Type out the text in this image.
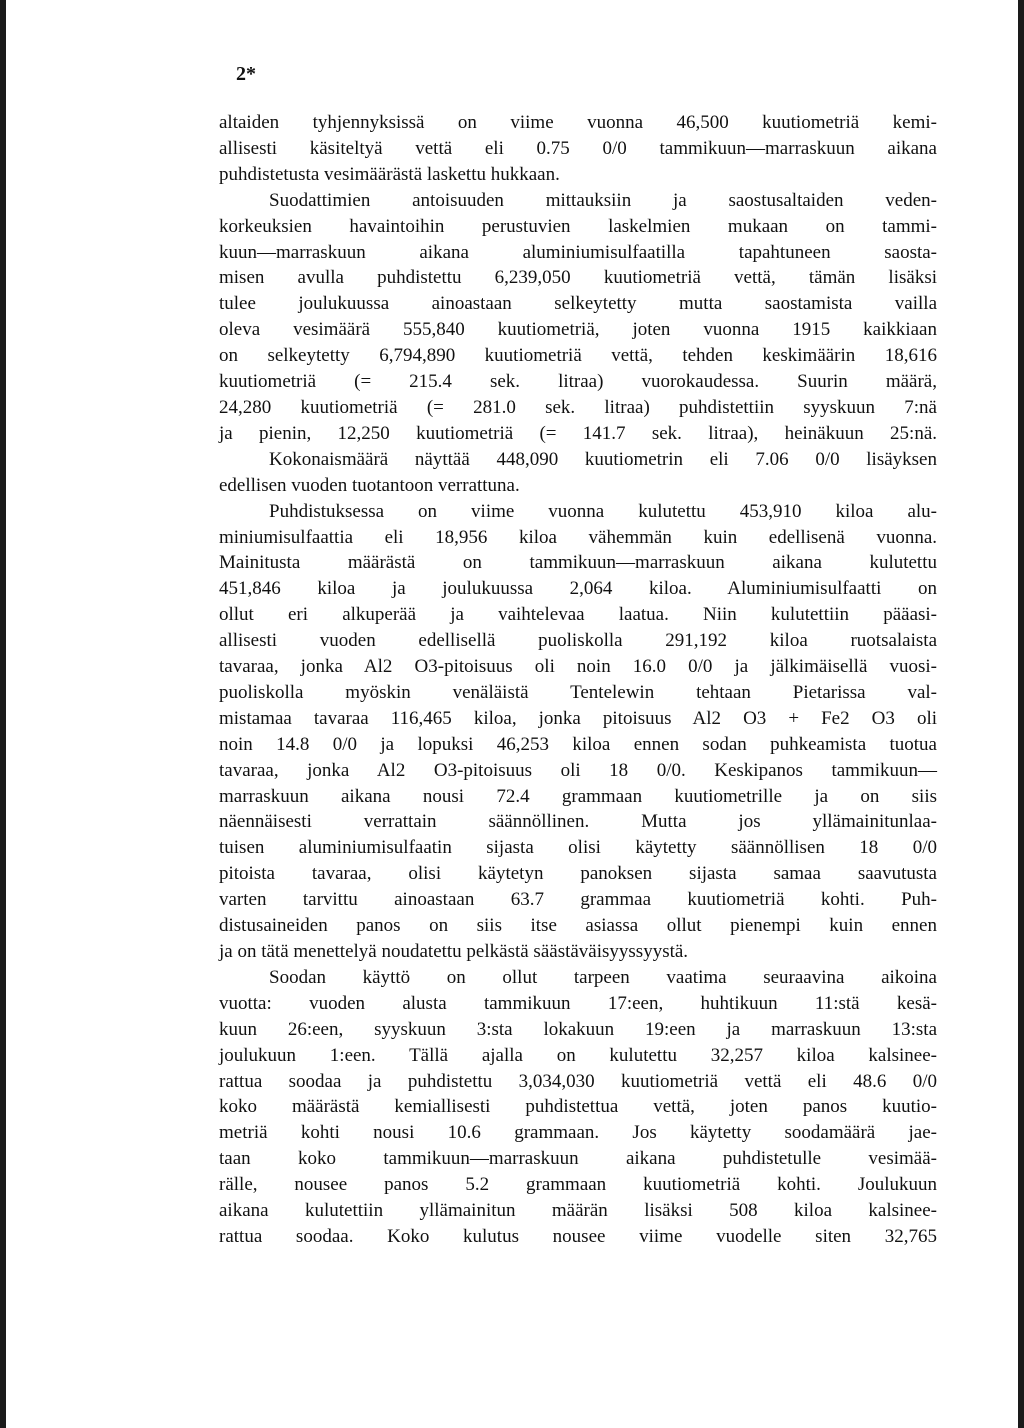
2*
altaiden tyhjennyksissä on viime vuonna 46,500 kuutiometriä kemi-
allisesti käsiteltyä vettä eli 0.75 0/0 tammikuun—marraskuun aikana
puhdistetusta vesimäärästä laskettu hukkaan.
Suodattimien antoisuuden mittauksiin ja saostusaltaiden veden-
korkeuksien havaintoihin perustuvien laskelmien mukaan on tammi-
kuun—marraskuun aikana aluminiumisulfaatilla tapahtuneen saosta-
misen avulla puhdistettu 6,239,050 kuutiometriä vettä, tämän lisäksi
tulee joulukuussa ainoastaan selkeytetty mutta saostamista vailla
oleva vesimäärä 555,840 kuutiometriä, joten vuonna 1915 kaikkiaan
on selkeytetty 6,794,890 kuutiometriä vettä, tehden keskimäärin 18,616
kuutiometriä (= 215.4 sek. litraa) vuorokaudessa. Suurin määrä,
24,280 kuutiometriä (= 281.0 sek. litraa) puhdistettiin syyskuun 7:nä
ja pienin, 12,250 kuutiometriä (= 141.7 sek. litraa), heinäkuun 25:nä.
Kokonaismäärä näyttää 448,090 kuutiometrin eli 7.06 0/0 lisäyksen
edellisen vuoden tuotantoon verrattuna.
Puhdistuksessa on viime vuonna kulutettu 453,910 kiloa alu-
miniumisulfaattia eli 18,956 kiloa vähemmän kuin edellisenä vuonna.
Mainitusta määrästä on tammikuun—marraskuun aikana kulutettu
451,846 kiloa ja joulukuussa 2,064 kiloa. Aluminiumisulfaatti on
ollut eri alkuperää ja vaihtelevaa laatua. Niin kulutettiin pääasi-
allisesti vuoden edellisellä puoliskolla 291,192 kiloa ruotsalaista
tavaraa, jonka Al2 O3-pitoisuus oli noin 16.0 0/0 ja jälkimäisellä vuosi-
puoliskolla myöskin venäläistä Tentelewin tehtaan Pietarissa val-
mistamaa tavaraa 116,465 kiloa, jonka pitoisuus Al2 O3 + Fe2 O3 oli
noin 14.8 0/0 ja lopuksi 46,253 kiloa ennen sodan puhkeamista tuotua
tavaraa, jonka Al2 O3-pitoisuus oli 18 0/0. Keskipanos tammikuun—
marraskuun aikana nousi 72.4 grammaan kuutiometrille ja on siis
näennäisesti verrattain säännöllinen. Mutta jos yllämainitunlaa-
tuisen aluminiumisulfaatin sijasta olisi käytetty säännöllisen 18 0/0
pitoista tavaraa, olisi käytetyn panoksen sijasta samaa saavutusta
varten tarvittu ainoastaan 63.7 grammaa kuutiometriä kohti. Puh-
distusaineiden panos on siis itse asiassa ollut pienempi kuin ennen
ja on tätä menettelyä noudatettu pelkästä säästäväisyyssyystä.
Soodan käyttö on ollut tarpeen vaatima seuraavina aikoina
vuotta: vuoden alusta tammikuun 17:een, huhtikuun 11:stä kesä-
kuun 26:een, syyskuun 3:sta lokakuun 19:een ja marraskuun 13:sta
joulukuun 1:een. Tällä ajalla on kulutettu 32,257 kiloa kalsinee-
rattua soodaa ja puhdistettu 3,034,030 kuutiometriä vettä eli 48.6 0/0
koko määrästä kemiallisesti puhdistettua vettä, joten panos kuutio-
metriä kohti nousi 10.6 grammaan. Jos käytetty soodamäärä jae-
taan koko tammikuun—marraskuun aikana puhdistetulle vesimää-
rälle, nousee panos 5.2 grammaan kuutiometriä kohti. Joulukuun
aikana kulutettiin yllämainitun määrän lisäksi 508 kiloa kalsinee-
rattua soodaa. Koko kulutus nousee viime vuodelle siten 32,765
